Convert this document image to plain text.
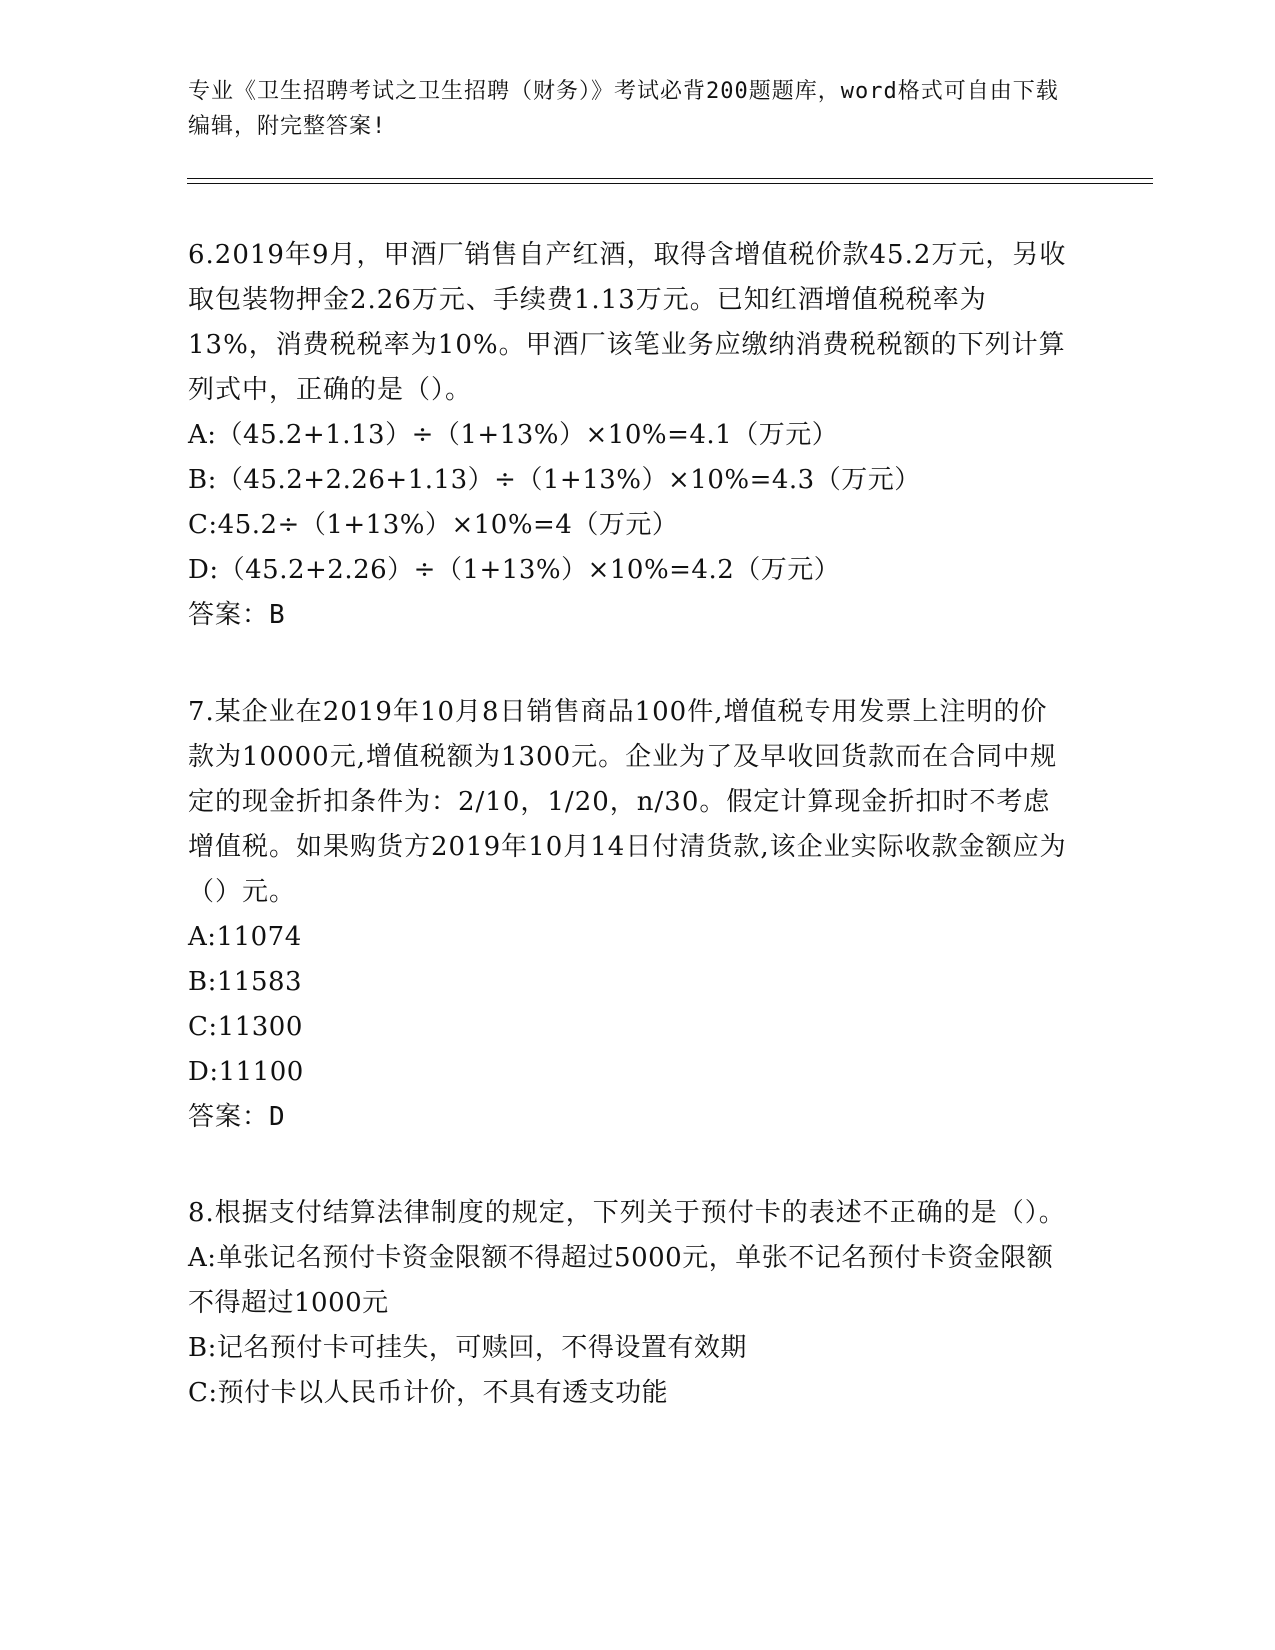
专业《卫生招聘考试之卫生招聘（财务）》考试必背200题题库，word格式可自由下载编辑，附完整答案!
6.2019年9月，甲酒厂销售自产红酒，取得含增值税价款45.2万元，另收取包装物押金2.26万元、手续费1.13万元。已知红酒增值税税率为13%，消费税税率为10%。甲酒厂该笔业务应缴纳消费税税额的下列计算列式中，正确的是（）。
A:（45.2+1.13）÷（1+13%）×10%=4.1（万元）
B:（45.2+2.26+1.13）÷（1+13%）×10%=4.3（万元）
C:45.2÷（1+13%）×10%=4（万元）
D:（45.2+2.26）÷（1+13%）×10%=4.2（万元）
答案：B
7.某企业在2019年10月8日销售商品100件,增值税专用发票上注明的价款为10000元,增值税额为1300元。企业为了及早收回货款而在合同中规定的现金折扣条件为：2/10，1/20，n/30。假定计算现金折扣时不考虑增值税。如果购货方2019年10月14日付清货款,该企业实际收款金额应为（）元。
A:11074
B:11583
C:11300
D:11100
答案：D
8.根据支付结算法律制度的规定，下列关于预付卡的表述不正确的是（）。
A:单张记名预付卡资金限额不得超过5000元，单张不记名预付卡资金限额不得超过1000元
B:记名预付卡可挂失，可赎回，不得设置有效期
C:预付卡以人民币计价，不具有透支功能
